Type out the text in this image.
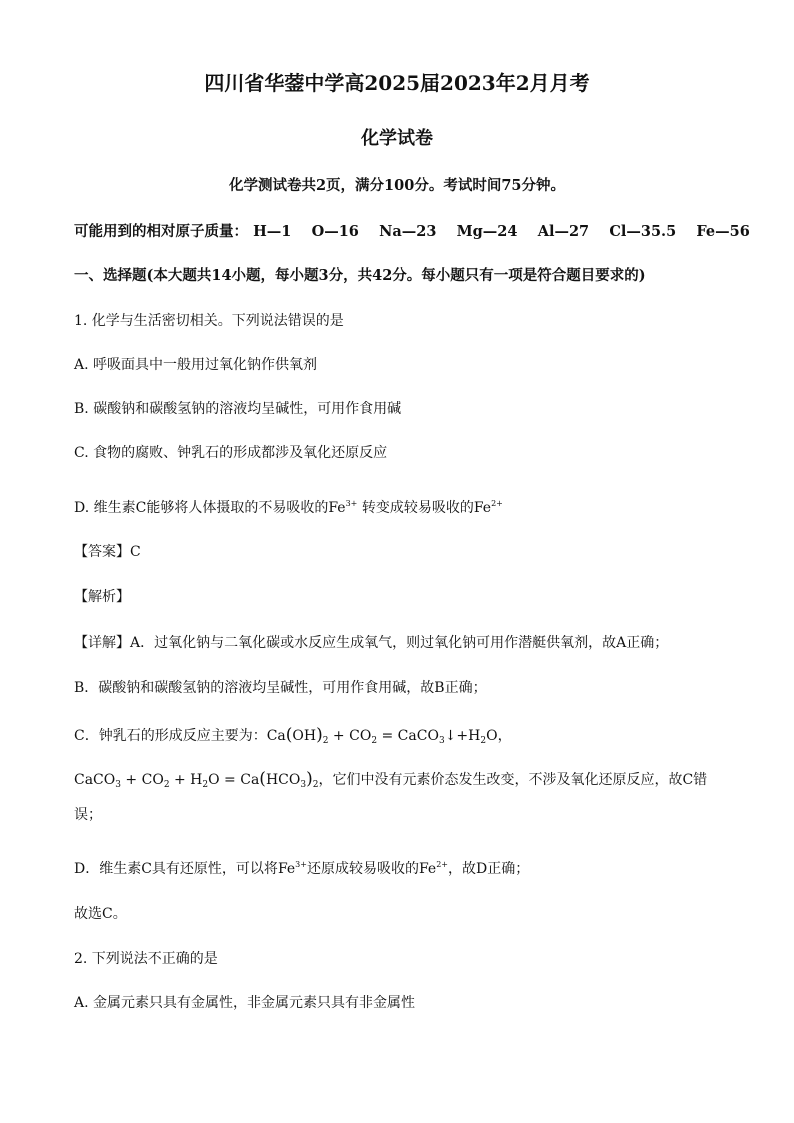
四川省华蓥中学高2025届2023年2月月考
化学试卷
化学测试卷共2页，满分100分。考试时间75分钟。
可能用到的相对原子质量： H—1 O—16 Na—23 Mg—24 Al—27 Cl—35.5 Fe—56
一、选择题(本大题共14小题，每小题3分，共42分。每小题只有一项是符合题目要求的)
1. 化学与生活密切相关。下列说法错误的是
A. 呼吸面具中一般用过氧化钠作供氧剂
B. 碳酸钠和碳酸氢钠的溶液均呈碱性，可用作食用碱
C. 食物的腐败、钟乳石的形成都涉及氧化还原反应
D. 维生素C能够将人体摄取的不易吸收的$Fe^{3+}$ 转变成较易吸收的$Fe^{2+}$
【答案】C
【解析】
【详解】A．过氧化钠与二氧化碳或水反应生成氧气，则过氧化钠可用作潜艇供氧剂，故A正确；
B．碳酸钠和碳酸氢钠的溶液均呈碱性，可用作食用碱，故B正确；
C．钟乳石的形成反应主要为：$Ca(OH)_2 + CO_2$ = $CaCO_3↓+H_2O$，
CaCO$_3$ + $CO_2 + H_2O = Ca(HCO_3)_2$，它们中没有元素价态发生改变，不涉及氧化还原反应，故C错
误；
D．维生素C具有还原性，可以将$Fe^{3+}$还原成较易吸收的$Fe^{2+}$，故D正确；
故选C。
2. 下列说法不正确的是
A. 金属元素只具有金属性，非金属元素只具有非金属性
